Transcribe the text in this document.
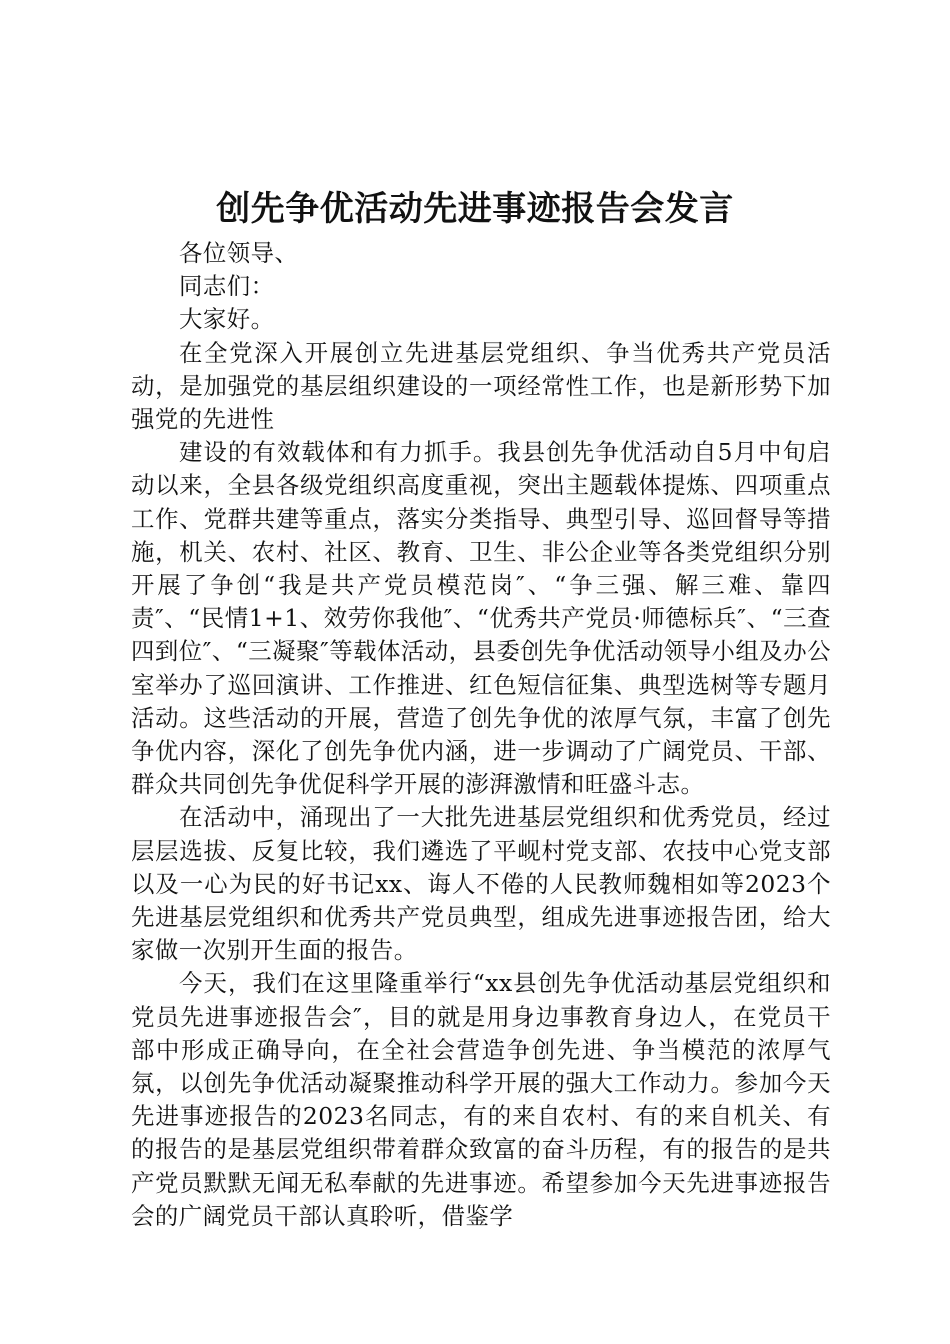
创先争优活动先进事迹报告会发言

各位领导、

同志们：

大家好。

在全党深入开展创立先进基层党组织、争当优秀共产党员活动，是加强党的基层组织建设的一项经常性工作，也是新形势下加强党的先进性

建设的有效载体和有力抓手。我县创先争优活动自5月中旬启动以来，全县各级党组织高度重视，突出主题载体提炼、四项重点工作、党群共建等重点，落实分类指导、典型引导、巡回督导等措施，机关、农村、社区、教育、卫生、非公企业等各类党组织分别开展了争创“我是共产党员模范岗″、“争三强、解三难、靠四责″、“民情1+1、效劳你我他″、“优秀共产党员·师德标兵″、“三查四到位″、“三凝聚″等载体活动，县委创先争优活动领导小组及办公室举办了巡回演讲、工作推进、红色短信征集、典型选树等专题月活动。这些活动的开展，营造了创先争优的浓厚气氛，丰富了创先争优内容，深化了创先争优内涵，进一步调动了广阔党员、干部、群众共同创先争优促科学开展的澎湃激情和旺盛斗志。

在活动中，涌现出了一大批先进基层党组织和优秀党员，经过层层选拔、反复比较，我们遴选了平岘村党支部、农技中心党支部以及一心为民的好书记xx、诲人不倦的人民教师魏相如等2023个先进基层党组织和优秀共产党员典型，组成先进事迹报告团，给大家做一次别开生面的报告。

今天，我们在这里隆重举行“xx县创先争优活动基层党组织和党员先进事迹报告会″，目的就是用身边事教育身边人，在党员干部中形成正确导向，在全社会营造争创先进、争当模范的浓厚气氛，以创先争优活动凝聚推动科学开展的强大工作动力。参加今天先进事迹报告的2023名同志，有的来自农村、有的来自机关、有的报告的是基层党组织带着群众致富的奋斗历程，有的报告的是共产党员默默无闻无私奉献的先进事迹。希望参加今天先进事迹报告会的广阔党员干部认真聆听，借鉴学
